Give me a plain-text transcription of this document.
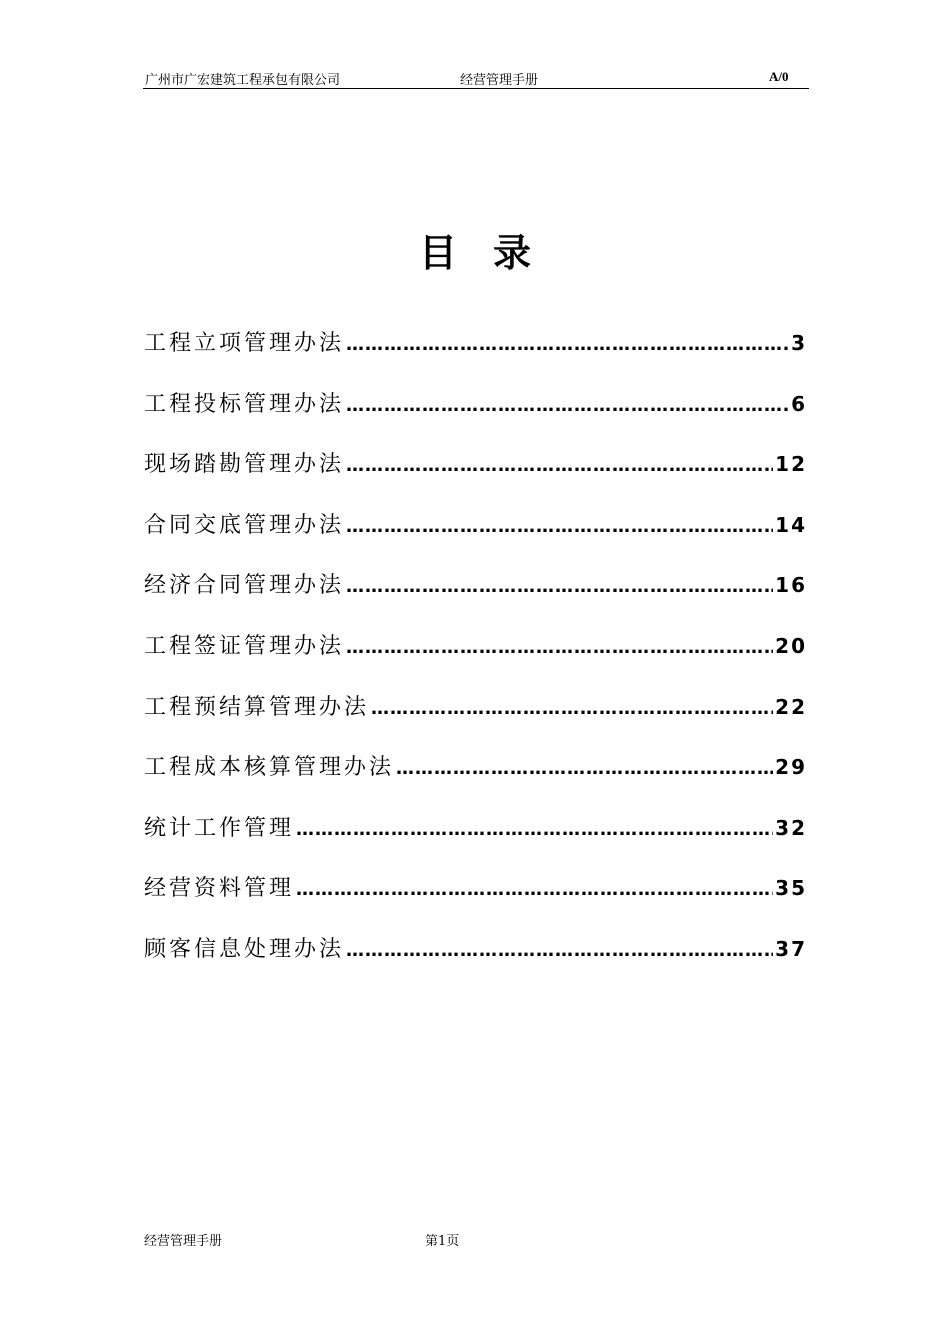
广州市广宏建筑工程承包有限公司	经营管理手册	A/0
目录
工程立项管理办法 ………………………………………………………………………………………………………………………………	3
工程投标管理办法 ………………………………………………………………………………………………………………………………	6
现场踏勘管理办法 ………………………………………………………………………………………………………………………………	12
合同交底管理办法 ………………………………………………………………………………………………………………………………	14
经济合同管理办法 ………………………………………………………………………………………………………………………………	16
工程签证管理办法 ………………………………………………………………………………………………………………………………	20
工程预结算管理办法 ………………………………………………………………………………………………………………………………	22
工程成本核算管理办法 ………………………………………………………………………………………………………………………………	29
统计工作管理 ………………………………………………………………………………………………………………………………	32
经营资料管理 ………………………………………………………………………………………………………………………………	35
顾客信息处理办法 ………………………………………………………………………………………………………………………………	37
经营管理手册	第1页
